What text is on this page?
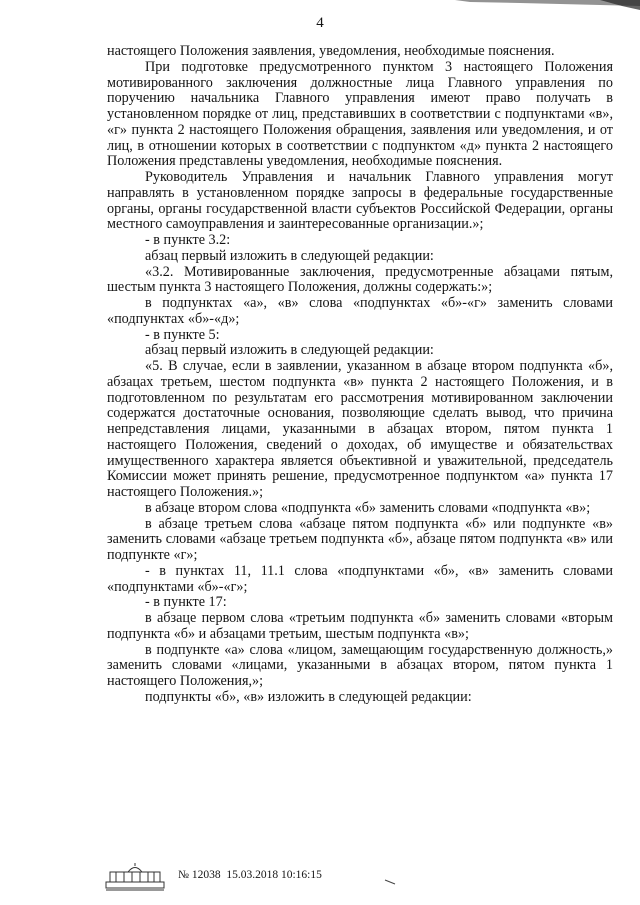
4

настоящего Положения заявления, уведомления, необходимые пояснения.

При подготовке предусмотренного пунктом 3 настоящего Положения мотивированного заключения должностные лица Главного управления по поручению начальника Главного управления имеют право получать в установленном порядке от лиц, представивших в соответствии с подпунктами «в», «г» пункта 2 настоящего Положения обращения, заявления или уведомления, и от лиц, в отношении которых в соответствии с подпунктом «д» пункта 2 настоящего Положения представлены уведомления, необходимые пояснения.

Руководитель Управления и начальник Главного управления могут направлять в установленном порядке запросы в федеральные государственные органы, органы государственной власти субъектов Российской Федерации, органы местного самоуправления и заинтересованные организации.»;

- в пункте 3.2:

абзац первый изложить в следующей редакции:

«3.2. Мотивированные заключения, предусмотренные абзацами пятым, шестым пункта 3 настоящего Положения, должны содержать:»;

в подпунктах «а», «в» слова «подпунктах «б»-«г» заменить словами «подпунктах «б»-«д»;

- в пункте 5:

абзац первый изложить в следующей редакции:

«5. В случае, если в заявлении, указанном в абзаце втором подпункта «б», абзацах третьем, шестом подпункта «в» пункта 2 настоящего Положения, и в подготовленном по результатам его рассмотрения мотивированном заключении содержатся достаточные основания, позволяющие сделать вывод, что причина непредставления лицами, указанными в абзацах втором, пятом пункта 1 настоящего Положения, сведений о доходах, об имуществе и обязательствах имущественного характера является объективной и уважительной, председатель Комиссии может принять решение, предусмотренное подпунктом «а» пункта 17 настоящего Положения.»;

в абзаце втором слова «подпункта «б» заменить словами «подпункта «в»;

в абзаце третьем слова «абзаце пятом подпункта «б» или подпункте «в» заменить словами «абзаце третьем подпункта «б», абзаце пятом подпункта «в» или подпункте «г»;

- в пунктах 11, 11.1 слова «подпунктами «б», «в» заменить словами «подпунктами «б»-«г»;

- в пункте 17:

в абзаце первом слова «третьим подпункта «б» заменить словами «вторым подпункта «б» и абзацами третьим, шестым подпункта «в»;

в подпункте «а» слова «лицом, замещающим государственную должность,» заменить словами «лицами, указанными в абзацах втором, пятом пункта 1 настоящего Положения,»;

подпункты «б», «в» изложить в следующей редакции:

№ 12038  15.03.2018 10:16:15
